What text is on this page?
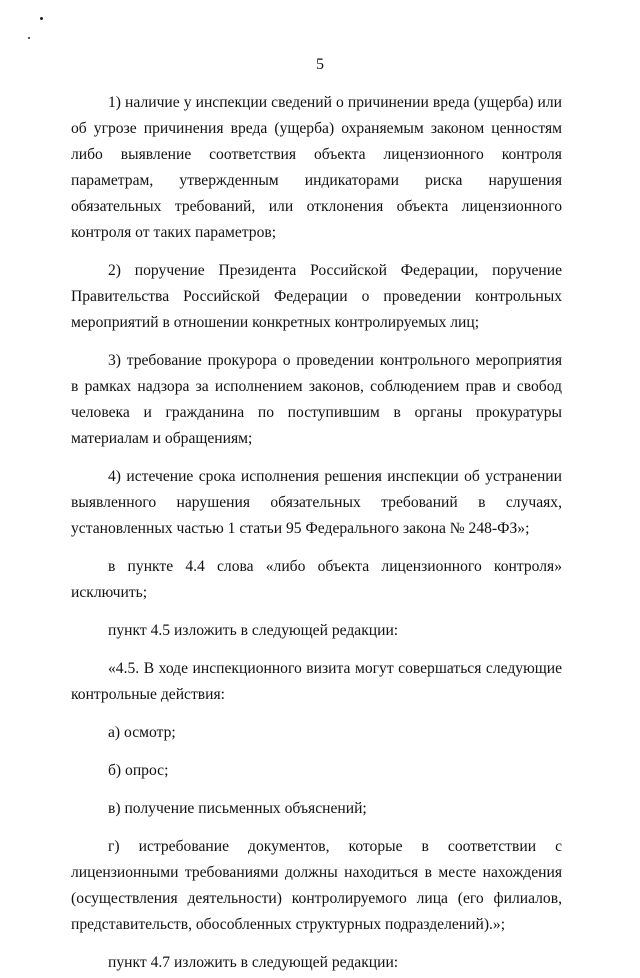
5

1) наличие у инспекции сведений о причинении вреда (ущерба) или об угрозе причинения вреда (ущерба) охраняемым законом ценностям либо выявление соответствия объекта лицензионного контроля параметрам, утвержденным индикаторами риска нарушения обязательных требований, или отклонения объекта лицензионного контроля от таких параметров;

2) поручение Президента Российской Федерации, поручение Правительства Российской Федерации о проведении контрольных мероприятий в отношении конкретных контролируемых лиц;

3) требование прокурора о проведении контрольного мероприятия в рамках надзора за исполнением законов, соблюдением прав и свобод человека и гражданина по поступившим в органы прокуратуры материалам и обращениям;

4) истечение срока исполнения решения инспекции об устранении выявленного нарушения обязательных требований в случаях, установленных частью 1 статьи 95 Федерального закона № 248-ФЗ»;

в пункте 4.4 слова «либо объекта лицензионного контроля» исключить;

пункт 4.5 изложить в следующей редакции:

«4.5. В ходе инспекционного визита могут совершаться следующие контрольные действия:

а) осмотр;

б) опрос;

в) получение письменных объяснений;

г) истребование документов, которые в соответствии с лицензионными требованиями должны находиться в месте нахождения (осуществления деятельности) контролируемого лица (его филиалов, представительств, обособленных структурных подразделений).»;

пункт 4.7 изложить в следующей редакции:
